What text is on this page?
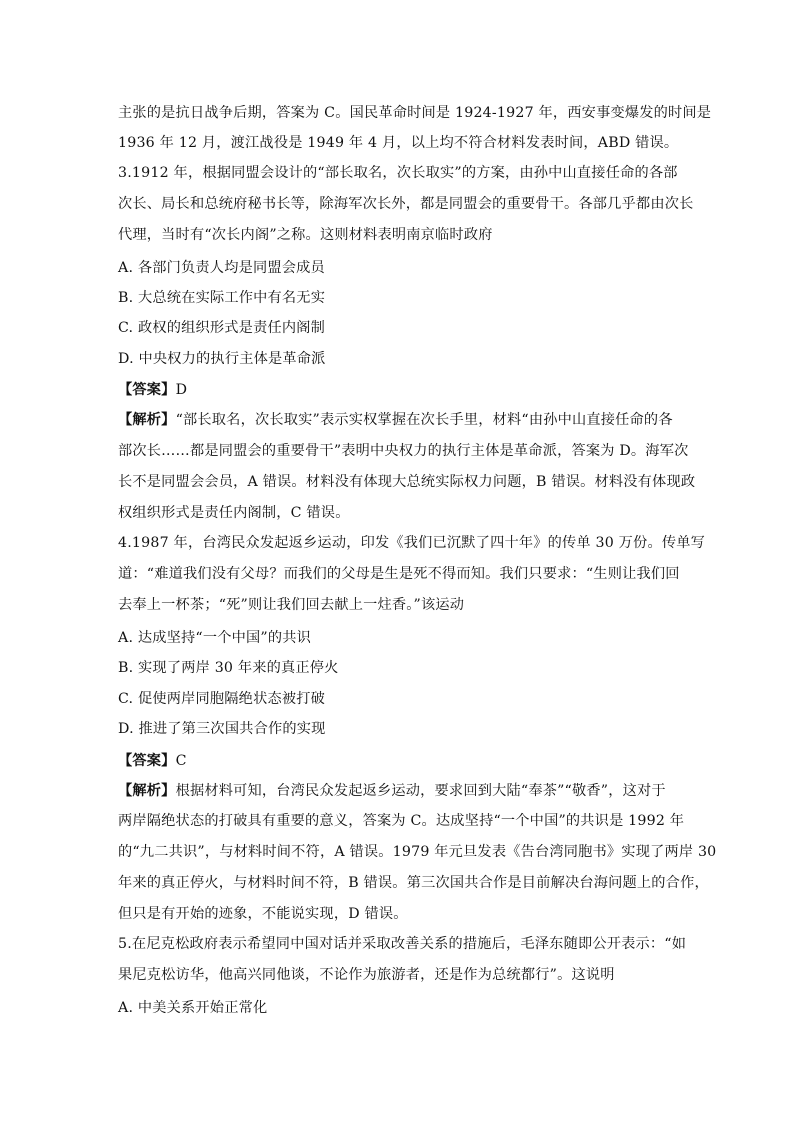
主张的是抗日战争后期，答案为 C。国民革命时间是 1924-1927 年，西安事变爆发的时间是
1936 年 12 月，渡江战役是 1949 年 4 月，以上均不符合材料发表时间，ABD 错误。
3.1912 年，根据同盟会设计的“部长取名，次长取实”的方案，由孙中山直接任命的各部
次长、局长和总统府秘书长等，除海军次长外，都是同盟会的重要骨干。各部几乎都由次长
代理，当时有“次长内阁”之称。这则材料表明南京临时政府
A. 各部门负责人均是同盟会成员
B. 大总统在实际工作中有名无实
C. 政权的组织形式是责任内阁制
D. 中央权力的执行主体是革命派
【答案】D
【解析】“部长取名，次长取实”表示实权掌握在次长手里，材料“由孙中山直接任命的各
部次长……都是同盟会的重要骨干”表明中央权力的执行主体是革命派，答案为 D。海军次
长不是同盟会会员，A 错误。材料没有体现大总统实际权力问题，B 错误。材料没有体现政
权组织形式是责任内阁制，C 错误。
4.1987 年，台湾民众发起返乡运动，印发《我们已沉默了四十年》的传单 30 万份。传单写
道：“难道我们没有父母？而我们的父母是生是死不得而知。我们只要求：“生则让我们回
去奉上一杯茶；“死”则让我们回去献上一炷香。”该运动
A. 达成坚持“一个中国”的共识
B. 实现了两岸 30 年来的真正停火
C. 促使两岸同胞隔绝状态被打破
D. 推进了第三次国共合作的实现
【答案】C
【解析】根据材料可知，台湾民众发起返乡运动，要求回到大陆“奉茶”“敬香”，这对于
两岸隔绝状态的打破具有重要的意义，答案为 C。达成坚持“一个中国”的共识是 1992 年
的“九二共识”，与材料时间不符，A 错误。1979 年元旦发表《告台湾同胞书》实现了两岸 30
年来的真正停火，与材料时间不符，B 错误。第三次国共合作是目前解决台海问题上的合作，
但只是有开始的迹象，不能说实现，D 错误。
5.在尼克松政府表示希望同中国对话并采取改善关系的措施后，毛泽东随即公开表示：“如
果尼克松访华，他高兴同他谈，不论作为旅游者，还是作为总统都行”。这说明
A. 中美关系开始正常化
